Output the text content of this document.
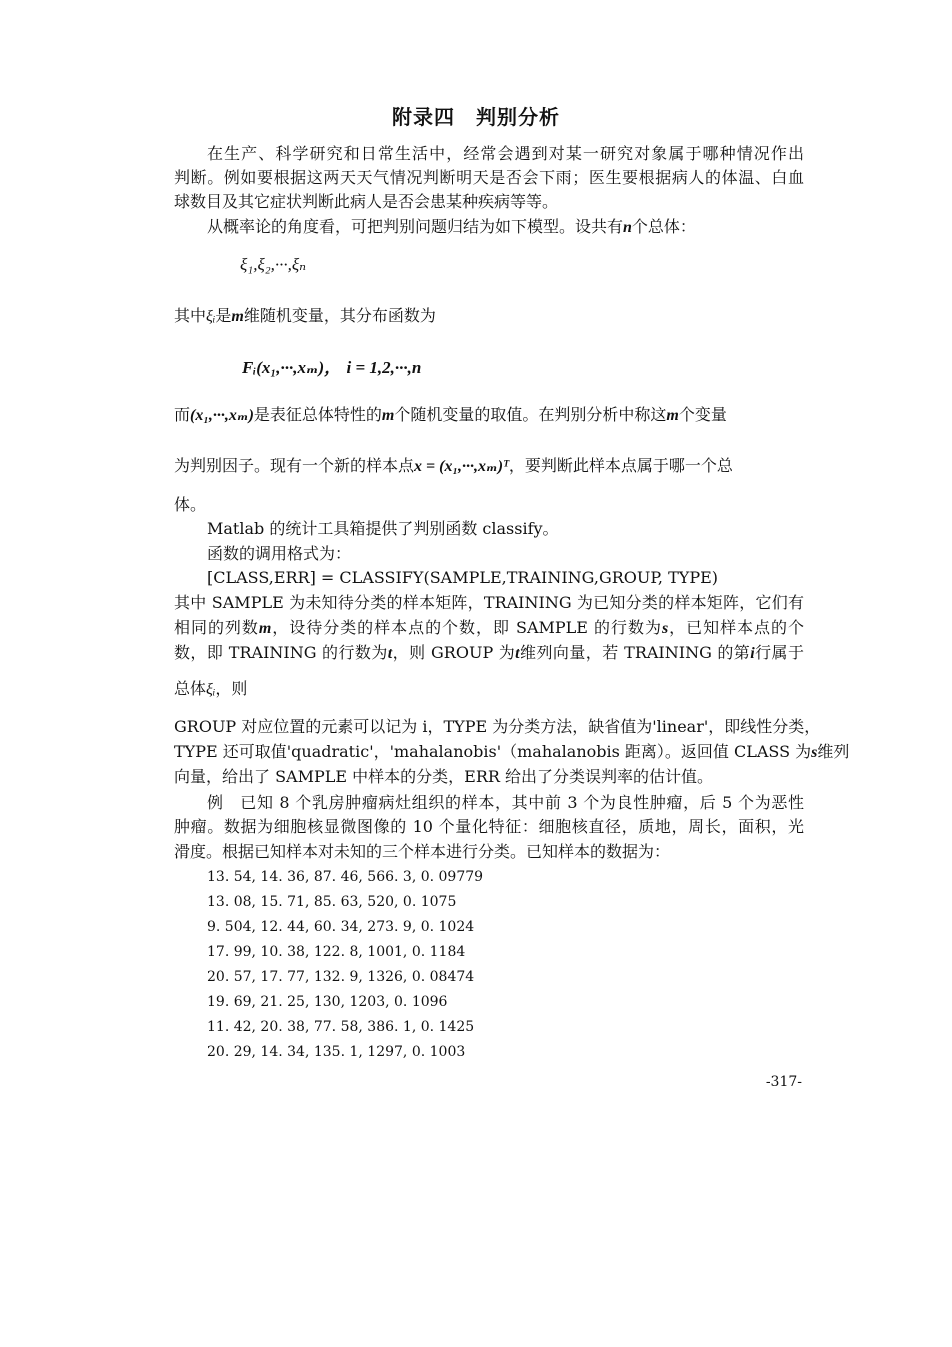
附录四　判别分析
在生产、科学研究和日常生活中，经常会遇到对某一研究对象属于哪种情况作出
判断。例如要根据这两天天气情况判断明天是否会下雨；医生要根据病人的体温、白血
球数目及其它症状判断此病人是否会患某种疾病等等。
从概率论的角度看，可把判别问题归结为如下模型。设共有n个总体：
ξ₁,ξ₂,···,ξₙ
其中ξᵢ是m维随机变量，其分布函数为
Fᵢ(x₁,···,xₘ)， i = 1,2,···,n
而(x₁,···,xₘ)是表征总体特性的m个随机变量的取值。在判别分析中称这m个变量
为判别因子。现有一个新的样本点x = (x₁,···,xₘ)ᵀ，要判断此样本点属于哪一个总
体。
Matlab 的统计工具箱提供了判别函数 classify。
函数的调用格式为：
[CLASS,ERR] = CLASSIFY(SAMPLE,TRAINING,GROUP, TYPE)
其中 SAMPLE 为未知待分类的样本矩阵，TRAINING 为已知分类的样本矩阵，它们有
相同的列数m，设待分类的样本点的个数，即 SAMPLE 的行数为s，已知样本点的个
数，即 TRAINING 的行数为t，则 GROUP 为t维列向量，若 TRAINING 的第i行属于
总体ξᵢ，则
GROUP 对应位置的元素可以记为 i，TYPE 为分类方法，缺省值为'linear'，即线性分类，
TYPE 还可取值'quadratic'，'mahalanobis'（mahalanobis 距离）。返回值 CLASS 为s维列
向量，给出了 SAMPLE 中样本的分类，ERR 给出了分类误判率的估计值。
例　已知 8 个乳房肿瘤病灶组织的样本，其中前 3 个为良性肿瘤，后 5 个为恶性
肿瘤。数据为细胞核显微图像的 10 个量化特征：细胞核直径，质地，周长，面积，光
滑度。根据已知样本对未知的三个样本进行分类。已知样本的数据为：
13. 54, 14. 36, 87. 46, 566. 3, 0. 09779
13. 08, 15. 71, 85. 63, 520, 0. 1075
9. 504, 12. 44, 60. 34, 273. 9, 0. 1024
17. 99, 10. 38, 122. 8, 1001, 0. 1184
20. 57, 17. 77, 132. 9, 1326, 0. 08474
19. 69, 21. 25, 130, 1203, 0. 1096
11. 42, 20. 38, 77. 58, 386. 1, 0. 1425
20. 29, 14. 34, 135. 1, 1297, 0. 1003
-317-
